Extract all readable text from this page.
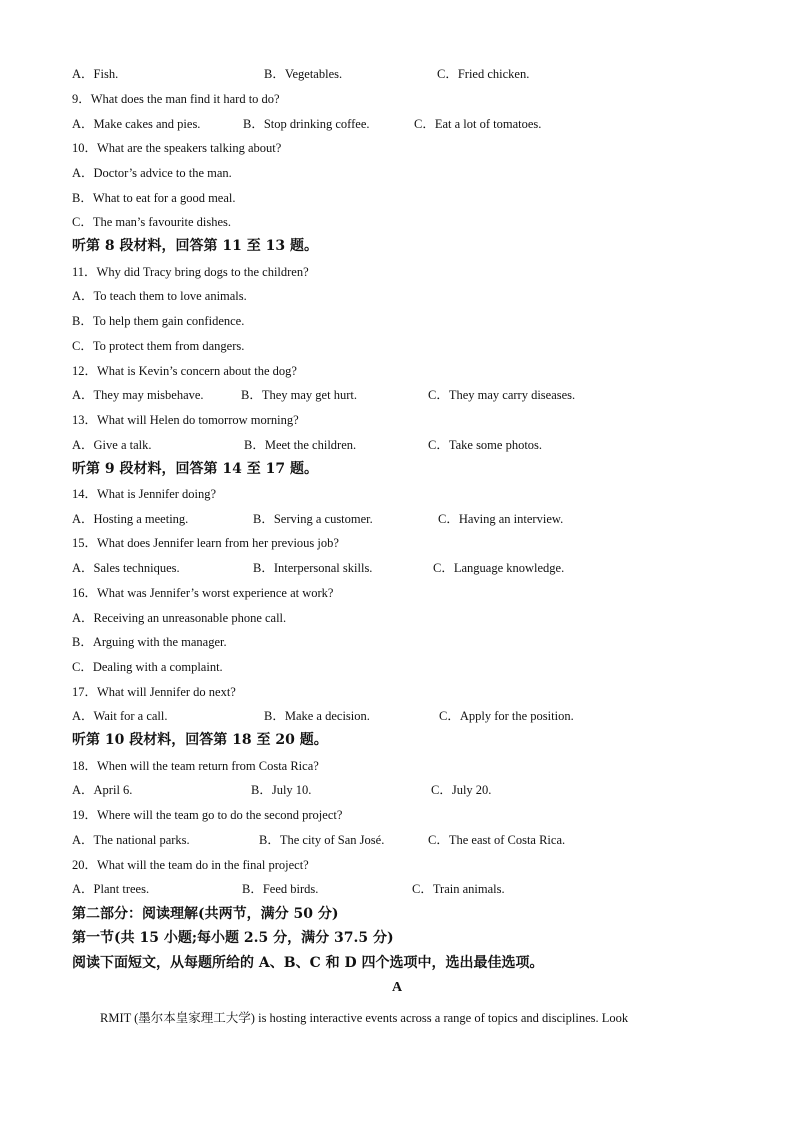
A．Fish.	B．Vegetables.	C．Fried chicken.
9．What does the man find it hard to do?
A．Make cakes and pies.	B．Stop drinking coffee.	C．Eat a lot of tomatoes.
10．What are the speakers talking about?
A．Doctor’s advice to the man.
B．What to eat for a good meal.
C．The man’s favourite dishes.
听第 8 段材料，回答第 11 至 13 题。
11．Why did Tracy bring dogs to the children?
A．To teach them to love animals.
B．To help them gain confidence.
C．To protect them from dangers.
12．What is Kevin’s concern about the dog?
A．They may misbehave.	B．They may get hurt.	C．They may carry diseases.
13．What will Helen do tomorrow morning?
A．Give a talk.	B．Meet the children.	C．Take some photos.
听第 9 段材料，回答第 14 至 17 题。
14．What is Jennifer doing?
A．Hosting a meeting.	B．Serving a customer.	C．Having an interview.
15．What does Jennifer learn from her previous job?
A．Sales techniques.	B．Interpersonal skills.	C．Language knowledge.
16．What was Jennifer’s worst experience at work?
A．Receiving an unreasonable phone call.
B．Arguing with the manager.
C．Dealing with a complaint.
17．What will Jennifer do next?
A．Wait for a call.	B．Make a decision.	C．Apply for the position.
听第 10 段材料，回答第 18 至 20 题。
18．When will the team return from Costa Rica?
A．April 6.	B．July 10.	C．July 20.
19．Where will the team go to do the second project?
A．The national parks.	B．The city of San José.	C．The east of Costa Rica.
20．What will the team do in the final project?
A．Plant trees.	B．Feed birds.	C．Train animals.
第二部分：阅读理解(共两节，满分 50 分)
第一节(共 15 小题;每小题 2.5 分，满分 37.5 分)
阅读下面短文，从每题所给的 A、B、C 和 D 四个选项中，选出最佳选项。
A
RMIT (墨尔本皇家理工大学) is hosting interactive events across a range of topics and disciplines. Look
